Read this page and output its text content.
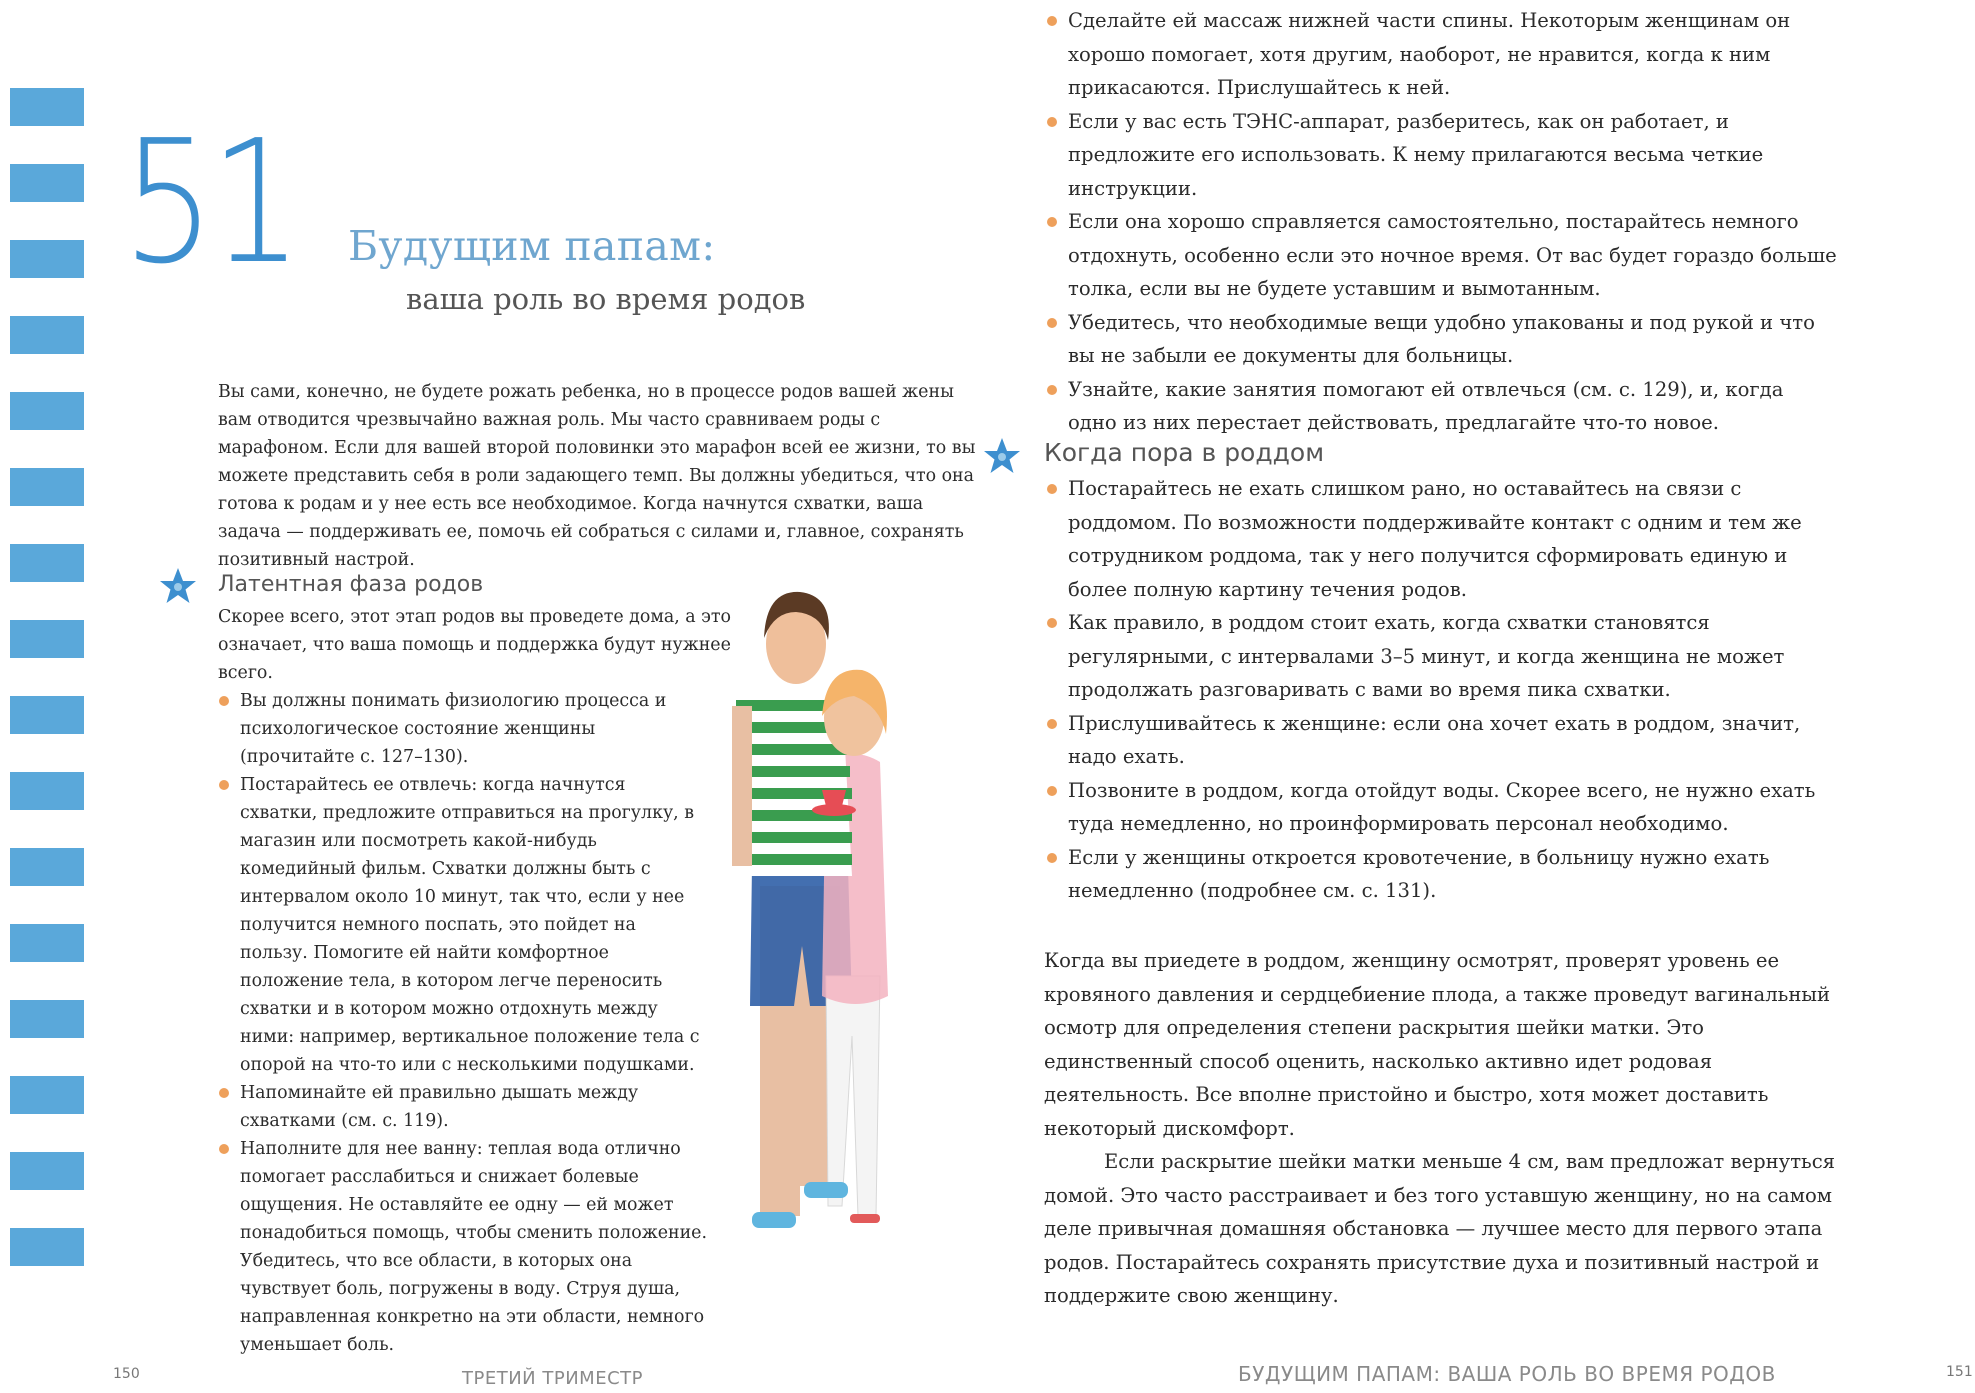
51 Будущим папам:
ваша роль во время родов

Вы сами, конечно, не будете рожать ребенка, но в процессе родов вашей жены вам отводится чрезвычайно важная роль. Мы часто сравниваем роды с марафоном. Если для вашей второй половинки это марафон всей ее жизни, то вы можете представить себя в роли задающего темп. Вы должны убедиться, что она готова к родам и у нее есть все необходимое. Когда начнутся схватки, ваша задача — поддерживать ее, помочь ей собраться с силами и, главное, сохранять позитивный настрой.

Латентная фаза родов

Скорее всего, этот этап родов вы проведете дома, а это означает, что ваша помощь и поддержка будут нужнее всего.

Вы должны понимать физиологию процесса и психологическое состояние женщины (прочитайте с. 127–130).
Постарайтесь ее отвлечь: когда начнутся схватки, предложите отправиться на прогулку, в магазин или посмотреть какой-нибудь комедийный фильм. Схватки должны быть с интервалом около 10 минут, так что, если у нее получится немного поспать, это пойдет на пользу. Помогите ей найти комфортное положение тела, в котором легче переносить схватки и в котором можно отдохнуть между ними: например, вертикальное положение тела с опорой на что-то или с несколькими подушками.
Напоминайте ей правильно дышать между схватками (см. с. 119).
Наполните для нее ванну: теплая вода отлично помогает расслабиться и снижает болевые ощущения. Не оставляйте ее одну — ей может понадобиться помощь, чтобы сменить положение. Убедитесь, что все области, в которых она чувствует боль, погружены в воду. Струя душа, направленная конкретно на эти области, немного уменьшает боль.
150	ТРЕТИЙ ТРИМЕСТР
Сделайте ей массаж нижней части спины. Некоторым женщинам он хорошо помогает, хотя другим, наоборот, не нравится, когда к ним прикасаются. Прислушайтесь к ней.
Если у вас есть ТЭНС-аппарат, разберитесь, как он работает, и предложите его использовать. К нему прилагаются весьма четкие инструкции.
Если она хорошо справляется самостоятельно, постарайтесь немного отдохнуть, особенно если это ночное время. От вас будет гораздо больше толка, если вы не будете уставшим и вымотанным.
Убедитесь, что необходимые вещи удобно упакованы и под рукой и что вы не забыли ее документы для больницы.
Узнайте, какие занятия помогают ей отвлечься (см. с. 129), и, когда одно из них перестает действовать, предлагайте что-то новое.
Когда пора в роддом
Постарайтесь не ехать слишком рано, но оставайтесь на связи с роддомом. По возможности поддерживайте контакт с одним и тем же сотрудником роддома, так у него получится сформировать единую и более полную картину течения родов.
Как правило, в роддом стоит ехать, когда схватки становятся регулярными, с интервалами 3–5 минут, и когда женщина не может продолжать разговаривать с вами во время пика схватки.
Прислушивайтесь к женщине: если она хочет ехать в роддом, значит, надо ехать.
Позвоните в роддом, когда отойдут воды. Скорее всего, не нужно ехать туда немедленно, но проинформировать персонал необходимо.
Если у женщины откроется кровотечение, в больницу нужно ехать немедленно (подробнее см. с. 131).

Когда вы приедете в роддом, женщину осмотрят, проверят уровень ее кровяного давления и сердцебиение плода, а также проведут вагинальный осмотр для определения степени раскрытия шейки матки. Это единственный способ оценить, насколько активно идет родовая деятельность. Все вполне пристойно и быстро, хотя может доставить некоторый дискомфорт.
Если раскрытие шейки матки меньше 4 см, вам предложат вернуться домой. Это часто расстраивает и без того уставшую женщину, но на самом деле привычная домашняя обстановка — лучшее место для первого этапа родов. Постарайтесь сохранять присутствие духа и позитивный настрой и поддержите свою женщину.

БУДУЩИМ ПАПАМ: ВАША РОЛЬ ВО ВРЕМЯ РОДОВ	151
